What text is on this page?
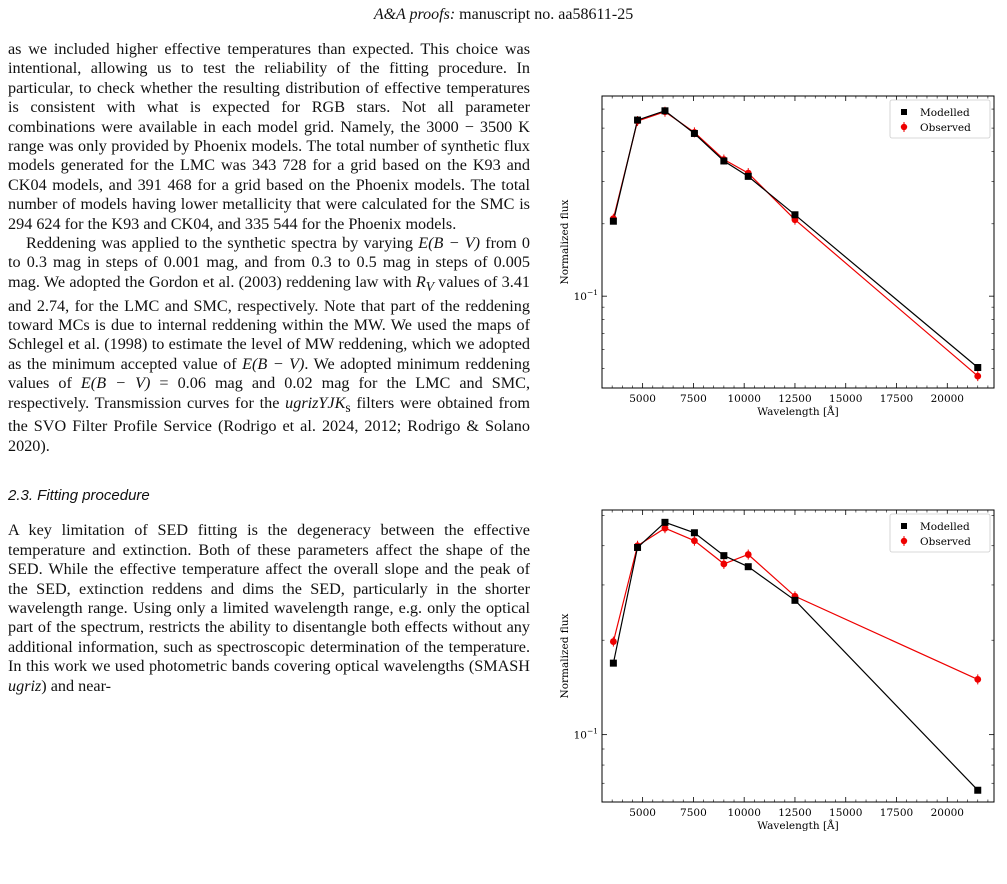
A&A proofs: manuscript no. aa58611-25

as we included higher effective temperatures than expected. This choice was intentional, allowing us to test the reliability of the fitting procedure. In particular, to check whether the resulting distribution of effective temperatures is consistent with what is expected for RGB stars. Not all parameter combinations were available in each model grid. Namely, the 3000 − 3500 K range was only provided by Phoenix models. The total number of synthetic flux models generated for the LMC was 343 728 for a grid based on the K93 and CK04 models, and 391 468 for a grid based on the Phoenix models. The total number of models having lower metallicity that were calculated for the SMC is 294 624 for the K93 and CK04, and 335 544 for the Phoenix models.

Reddening was applied to the synthetic spectra by varying E(B − V) from 0 to 0.3 mag in steps of 0.001 mag, and from 0.3 to 0.5 mag in steps of 0.005 mag. We adopted the Gordon et al. (2003) reddening law with $R_V$ values of 3.41 and 2.74, for the LMC and SMC, respectively. Note that part of the reddening toward MCs is due to internal reddening within the MW. We used the maps of Schlegel et al. (1998) to estimate the level of MW reddening, which we adopted as the minimum accepted value of E(B − V). We adopted minimum reddening values of E(B − V) = 0.06 mag and 0.02 mag for the LMC and SMC, respectively. Transmission curves for the ugrizYJK$_s$ filters were obtained from the SVO Filter Profile Service (Rodrigo et al. 2024, 2012; Rodrigo & Solano 2020).

2.3. Fitting procedure

A key limitation of SED fitting is the degeneracy between the effective temperature and extinction. Both of these parameters affect the shape of the SED. While the effective temperature affect the overall slope and the peak of the SED, extinction reddens and dims the SED, particularly in the shorter wavelength range. Using only a limited wavelength range, e.g. only the optical part of the spectrum, restricts the ability to disentangle both effects without any additional information, such as spectroscopic determination of the temperature. In this work we used photometric bands covering optical wavelengths (SMASH ugriz) and near-

5000 7500 10000 12500 15000 17500 20000
$10^{-1}$
Wavelength [Å]
Normalized flux
Modelled
Observed
5000 7500 10000 12500 15000 17500 20000
$10^{-1}$
Wavelength [Å]
Normalized flux
Modelled
Observed
